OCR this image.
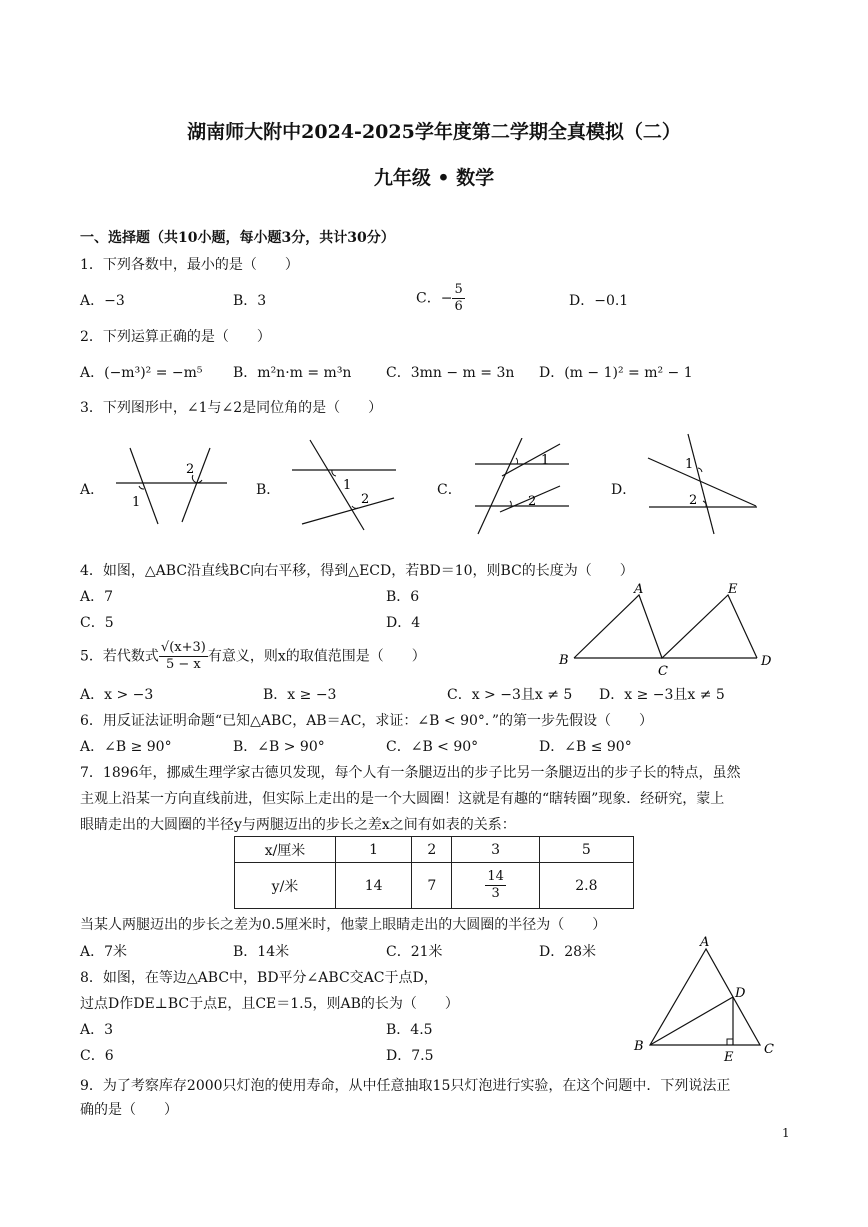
湖南师大附中2024-2025学年度第二学期全真模拟（二）
九年级 • 数学
一、选择题（共10小题，每小题3分，共计30分）
1．下列各数中，最小的是（　　）
A．−3	B．3	C．− $\frac{5}{6}$	D．−0.1
2．下列运算正确的是（　　）
A．(−m³)² = −m⁵ B．m²n·m = m³n C．3mn − m = 3n D．(m − 1)² = m² − 1
3．下列图形中，∠1与∠2是同位角的是（　　）
A．	B．	C．	D．
2
1
1
2
1
2
1
2
4．如图，△ABC沿直线BC向右平移，得到△ECD，若BD＝10，则BC的长度为（　　）
A．7	B．6
C．5	D．4
A
B
C
D
E
5．若代数式 $\frac{√(x+3)}{5 - x}$ 有意义，则x的取值范围是（　　）
A．x > −3	B．x ≥ −3	C．x > −3且x ≠ 5 D．x ≥ −3且x ≠ 5
6．用反证法证明命题“已知△ABC，AB＝AC，求证：∠B < 90°．”的第一步先假设（　　）
A．∠B ≥ 90°	B．∠B > 90°	C．∠B < 90°	D．∠B ≤ 90°
7．1896年，挪威生理学家古德贝发现，每个人有一条腿迈出的步子比另一条腿迈出的步子长的特点，虽然
主观上沿某一方向直线前进，但实际上走出的是一个大圆圈！这就是有趣的“瞎转圈”现象．经研究，蒙上
眼睛走出的大圆圈的半径y与两腿迈出的步长之差x之间有如表的关系：
x/厘米	1	2	3	5
y/米	14	7	$\frac{14}{3}$	2.8
当某人两腿迈出的步长之差为0.5厘米时，他蒙上眼睛走出的大圆圈的半径为（　　）
A．7米	B．14米	C．21米	D．28米
8．如图，在等边△ABC中，BD平分∠ABC交AC于点D，
过点D作DE⊥BC于点E，且CE＝1.5，则AB的长为（　　）
A．3	B．4.5
C．6	D．7.5
A
B	C
D
E
9．为了考察库存2000只灯泡的使用寿命，从中任意抽取15只灯泡进行实验，在这个问题中．下列说法正
确的是（　　）
1
